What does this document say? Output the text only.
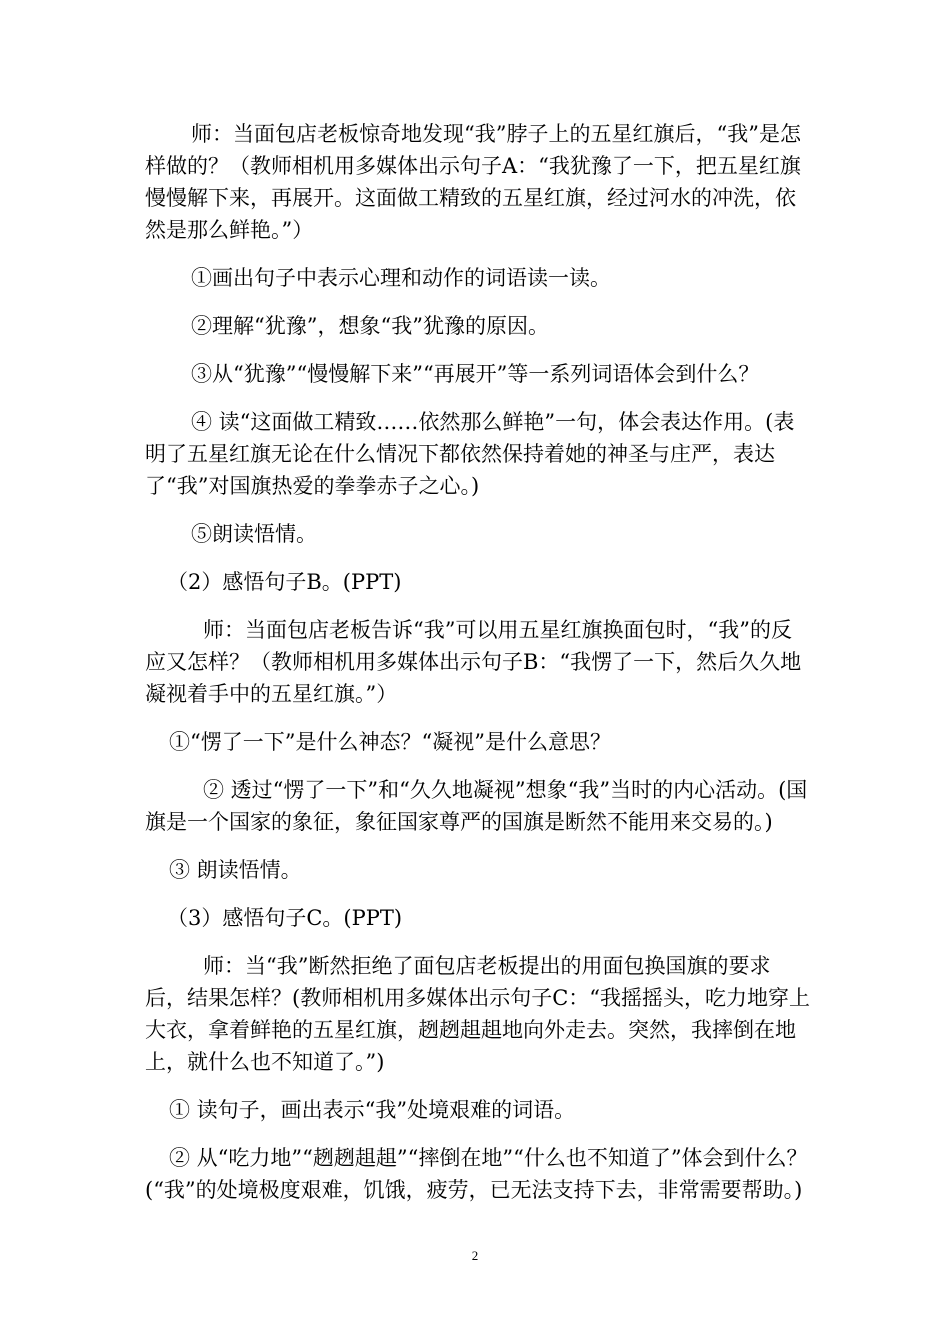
师：当面包店老板惊奇地发现“我”脖子上的五星红旗后，“我”是怎样做的？（教师相机用多媒体出示句子A：“我犹豫了一下，把五星红旗慢慢解下来，再展开。这面做工精致的五星红旗，经过河水的冲洗，依然是那么鲜艳。”）

①画出句子中表示心理和动作的词语读一读。

②理解“犹豫”，想象“我”犹豫的原因。

③从“犹豫”“慢慢解下来”“再展开”等一系列词语体会到什么？

④ 读“这面做工精致……依然那么鲜艳”一句，体会表达作用。(表明了五星红旗无论在什么情况下都依然保持着她的神圣与庄严，表达了“我”对国旗热爱的拳拳赤子之心。)

⑤朗读悟情。

（2）感悟句子B。(PPT)

师：当面包店老板告诉“我”可以用五星红旗换面包时，“我”的反应又怎样？（教师相机用多媒体出示句子B：“我愣了一下，然后久久地凝视着手中的五星红旗。”）

①“愣了一下”是什么神态？“凝视”是什么意思？

② 透过“愣了一下”和“久久地凝视”想象“我”当时的内心活动。(国旗是一个国家的象征，象征国家尊严的国旗是断然不能用来交易的。)

③ 朗读悟情。

（3）感悟句子C。(PPT)

师：当“我”断然拒绝了面包店老板提出的用面包换国旗的要求后，结果怎样？(教师相机用多媒体出示句子C：“我摇摇头，吃力地穿上大衣，拿着鲜艳的五星红旗，趔趔趄趄地向外走去。突然，我摔倒在地上，就什么也不知道了。”)

① 读句子，画出表示“我”处境艰难的词语。

② 从“吃力地”“趔趔趄趄”“摔倒在地”“什么也不知道了”体会到什么？(“我”的处境极度艰难，饥饿，疲劳，已无法支持下去，非常需要帮助。)

2
